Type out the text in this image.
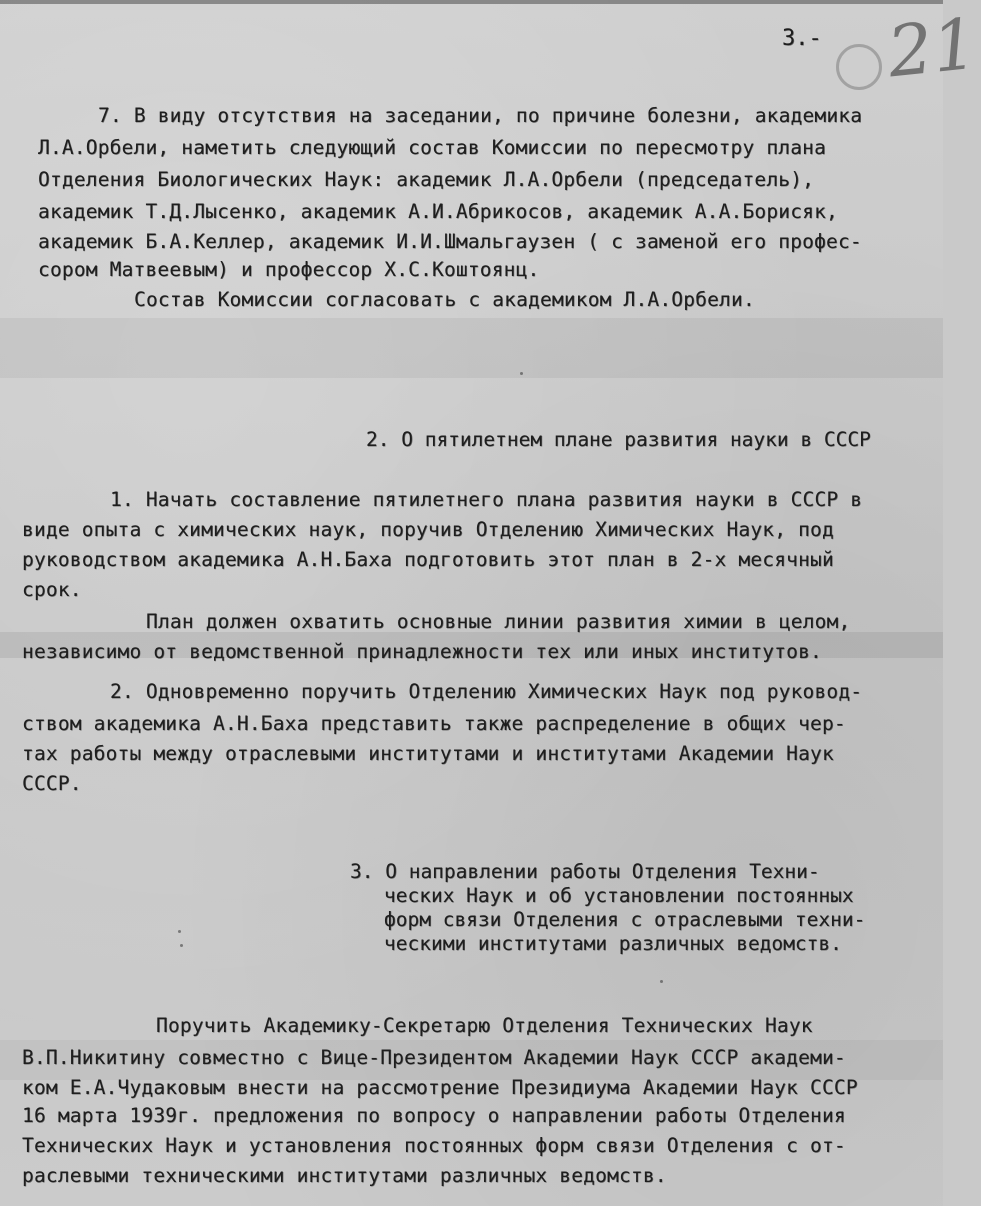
3.- 21

7. В виду отсутствия на заседании, по причине болезни, академика

Л.А.Орбели, наметить следующий состав Комиссии по пересмотру плана

Отделения Биологических Наук: академик Л.А.Орбели (председатель),

академик Т.Д.Лысенко, академик А.И.Абрикосов, академик А.А.Борисяк,

академик Б.А.Келлер, академик И.И.Шмальгаузен ( с заменой его профес-

сором Матвеевым) и профессор Х.С.Коштоянц.

Состав Комиссии согласовать с академиком Л.А.Орбели.

2. О пятилетнем плане развития науки в СССР

1. Начать составление пятилетнего плана развития науки в СССР в

виде опыта с химических наук, поручив Отделению Химических Наук, под

руководством академика А.Н.Баха подготовить этот план в 2-х месячный

срок.

План должен охватить основные линии развития химии в целом,

независимо от ведомственной принадлежности тех или иных институтов.

2. Одновременно поручить Отделению Химических Наук под руковод-

ством академика А.Н.Баха представить также распределение в общих чер-

тах работы между отраслевыми институтами и институтами Академии Наук

СССР.

3. О направлении работы Отделения Техни-
ческих Наук и об установлении постоянных
форм связи Отделения с отраслевыми техни-
ческими институтами различных ведомств.

Поручить Академику-Секретарю Отделения Технических Наук

В.П.Никитину совместно с Вице-Президентом Академии Наук СССР академи-

ком Е.А.Чудаковым внести на рассмотрение Президиума Академии Наук СССР

16 марта 1939г. предложения по вопросу о направлении работы Отделения

Технических Наук и установления постоянных форм связи Отделения с от-

раслевыми техническими институтами различных ведомств.
